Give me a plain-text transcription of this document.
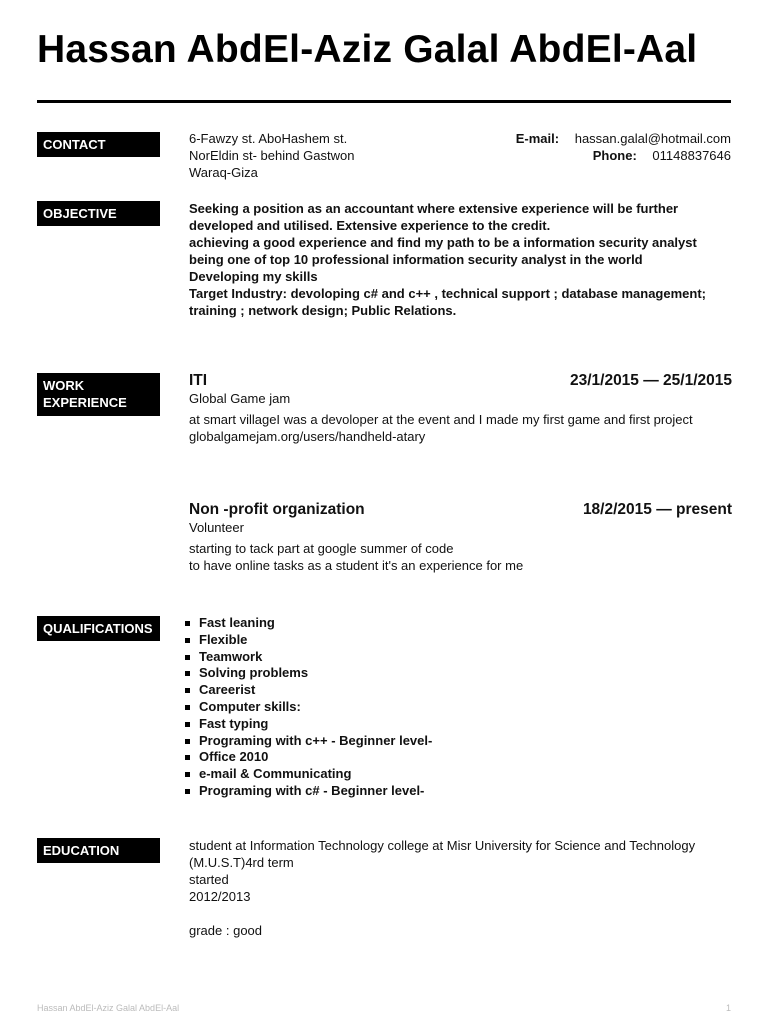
Hassan AbdEl-Aziz Galal AbdEl-Aal
CONTACT	6-Fawzy st. AboHashem st.
NorEldin st- behind Gastwon
Waraq-Giza
E-mail: hassan.galal@hotmail.com
Phone: 01148837646
OBJECTIVE	Seeking a position as an accountant where extensive experience will be further developed and utilised. Extensive experience to the credit.
achieving a good experience and find my path to be a information security analyst
being one of top 10 professional information security analyst in the world
Developing my skills
Target Industry: devoloping c# and c++ , technical support ; database management; training ; network design; Public Relations.
WORK
EXPERIENCE
ITI	23/1/2015 — 25/1/2015
Global Game jam
at smart villageI was a devoloper at the event and I made my first game and first project
globalgamejam.org/users/handheld-atary
Non -profit organization	18/2/2015 — present
Volunteer
starting to tack part at google summer of code
to have online tasks as a student it's an experience for me
QUALIFICATIONS	Fast leaning
Flexible
Teamwork
Solving problems
Careerist
Computer skills:
Fast typing
Programing with c++ - Beginner level-
Office 2010
e-mail & Communicating
Programing with c# - Beginner level-
EDUCATION	student at Information Technology college at Misr University for Science and Technology (M.U.S.T)4rd term
started
2012/2013
grade : good
Hassan AbdEl-Aziz Galal AbdEl-Aal	1
